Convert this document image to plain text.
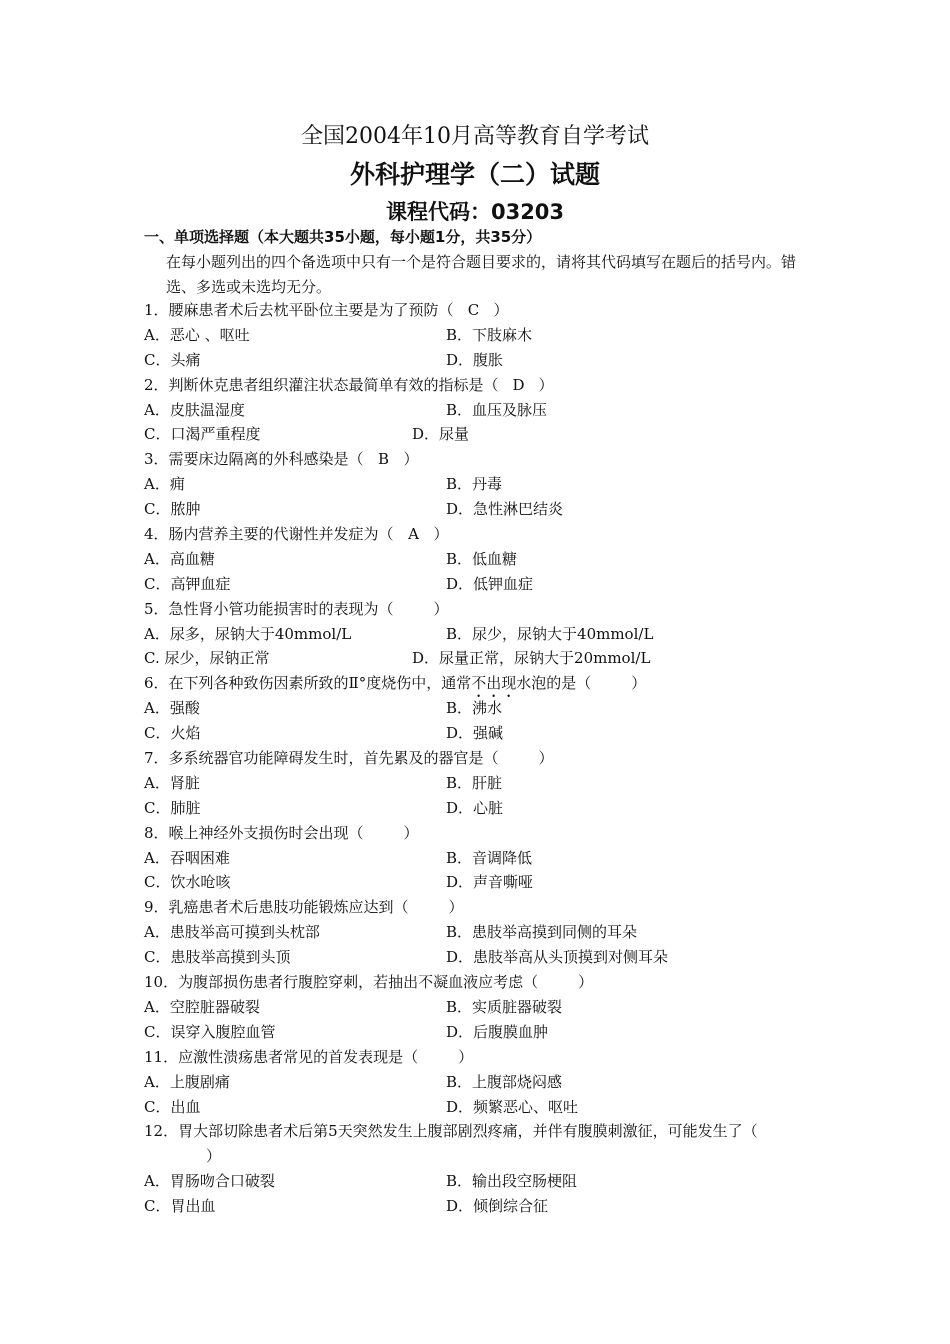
全国2004年10月高等教育自学考试
外科护理学（二）试题
课程代码：03203
一、单项选择题（本大题共35小题，每小题1分，共35分）
在每小题列出的四个备选项中只有一个是符合题目要求的，请将其代码填写在题后的括号内。错选、多选或未选均无分。
1．腰麻患者术后去枕平卧位主要是为了预防（ C ）
A．恶心 、呕吐	B．下肢麻木
C．头痛	D．腹胀
2．判断休克患者组织灌注状态最简单有效的指标是（ D ）
A．皮肤温湿度	B．血压及脉压
C．口渴严重程度	D．尿量
3．需要床边隔离的外科感染是（ B ）
A．痈	B．丹毒
C．脓肿	D．急性淋巴结炎
4．肠内营养主要的代谢性并发症为（ A ）
A．高血糖	B．低血糖
C．高钾血症	D．低钾血症
5．急性肾小管功能损害时的表现为（	）
A．尿多，尿钠大于40mmol/L	B．尿少，尿钠大于40mmol/L
C. 尿少，尿钠正常	D．尿量正常，尿钠大于20mmol/L
6．在下列各种致伤因素所致的Ⅱ°度烧伤中，通常不出现水泡的是（	）
A．强酸	B．沸水
C．火焰	D．强碱
7．多系统器官功能障碍发生时，首先累及的器官是（	）
A．肾脏	B．肝脏
C．肺脏	D．心脏
8．喉上神经外支损伤时会出现（	）
A．吞咽困难	B．音调降低
C．饮水呛咳	D．声音嘶哑
9．乳癌患者术后患肢功能锻炼应达到（	）
A．患肢举高可摸到头枕部	B．患肢举高摸到同侧的耳朵
C．患肢举高摸到头顶	D．患肢举高从头顶摸到对侧耳朵
10．为腹部损伤患者行腹腔穿刺，若抽出不凝血液应考虑（	）
A．空腔脏器破裂	B．实质脏器破裂
C．误穿入腹腔血管	D．后腹膜血肿
11．应激性溃疡患者常见的首发表现是（	）
A．上腹剧痛	B．上腹部烧闷感
C．出血	D．频繁恶心、呕吐
12．胃大部切除患者术后第5天突然发生上腹部剧烈疼痛，并伴有腹膜刺激征，可能发生了（
）
A．胃肠吻合口破裂	B．输出段空肠梗阻
C．胃出血	D．倾倒综合征
